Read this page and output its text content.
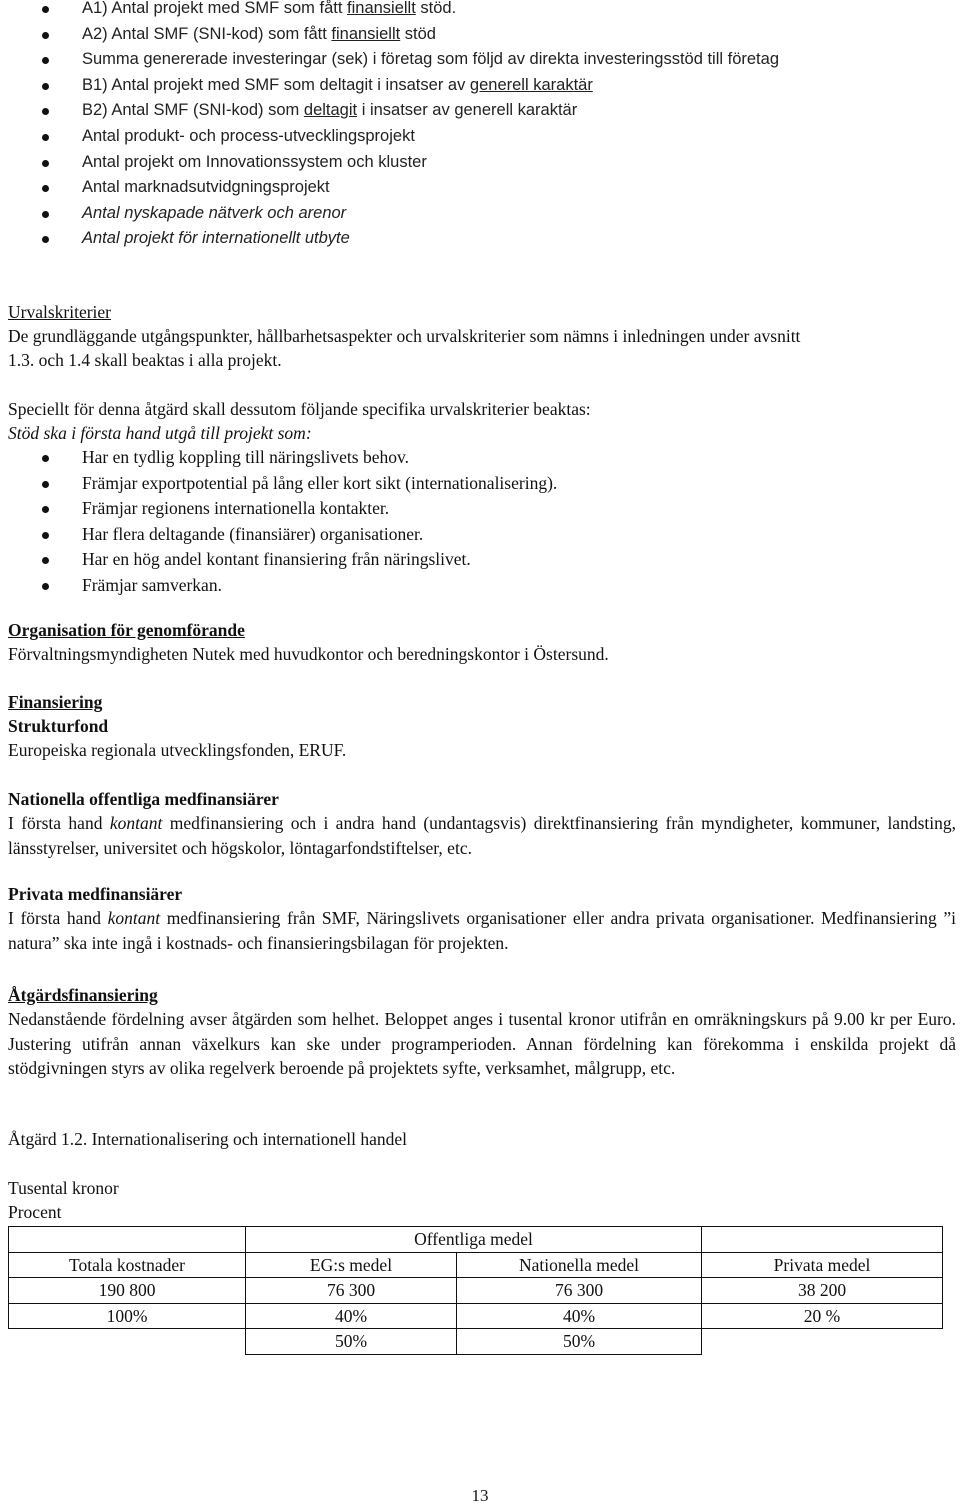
A1) Antal projekt med SMF som fått finansiellt stöd.
A2) Antal SMF (SNI-kod) som fått finansiellt stöd
Summa genererade investeringar (sek) i företag som följd av direkta investeringsstöd till företag
B1) Antal projekt med SMF som deltagit i insatser av generell karaktär
B2) Antal SMF (SNI-kod) som deltagit i insatser av generell karaktär
Antal produkt- och process-utvecklingsprojekt
Antal projekt om Innovationssystem och kluster
Antal marknadsutvidgningsprojekt
Antal nyskapade nätverk och arenor
Antal projekt för internationellt utbyte
Urvalskriterier
De grundläggande utgångspunkter, hållbarhetsaspekter och urvalskriterier som nämns i inledningen under avsnitt
1.3. och 1.4 skall beaktas i alla projekt.
Speciellt för denna åtgärd skall dessutom följande specifika urvalskriterier beaktas:
Stöd ska i första hand utgå till projekt som:
Har en tydlig koppling till näringslivets behov.
Främjar exportpotential på lång eller kort sikt (internationalisering).
Främjar regionens internationella kontakter.
Har flera deltagande (finansiärer) organisationer.
Har en hög andel kontant finansiering från näringslivet.
Främjar samverkan.
Organisation för genomförande
Förvaltningsmyndigheten Nutek med huvudkontor och beredningskontor i Östersund.
Finansiering
Strukturfond
Europeiska regionala utvecklingsfonden, ERUF.
Nationella offentliga medfinansiärer

I första hand kontant medfinansiering och i andra hand (undantagsvis) direktfinansiering från myndigheter, kommuner, landsting, länsstyrelser, universitet och högskolor, löntagarfondstiftelser, etc.

Privata medfinansiärer

I första hand kontant medfinansiering från SMF, Näringslivets organisationer eller andra privata organisationer. Medfinansiering ”i natura” ska inte ingå i kostnads- och finansieringsbilagan för projekten.

Åtgärdsfinansiering

Nedanstående fördelning avser åtgärden som helhet. Beloppet anges i tusental kronor utifrån en omräkningskurs på 9.00 kr per Euro. Justering utifrån annan växelkurs kan ske under programperioden. Annan fördelning kan förekomma i enskilda projekt då stödgivningen styrs av olika regelverk beroende på projektets syfte, verksamhet, målgrupp, etc.

Åtgärd 1.2. Internationalisering och internationell handel
Tusental kronor
Procent
	Offentliga medel		
Totala kostnader	EG:s medel	Nationella medel	Privata medel
190 800	76 300	76 300	38 200
100%	40%	40%	20 %
	50%	50%	
13
